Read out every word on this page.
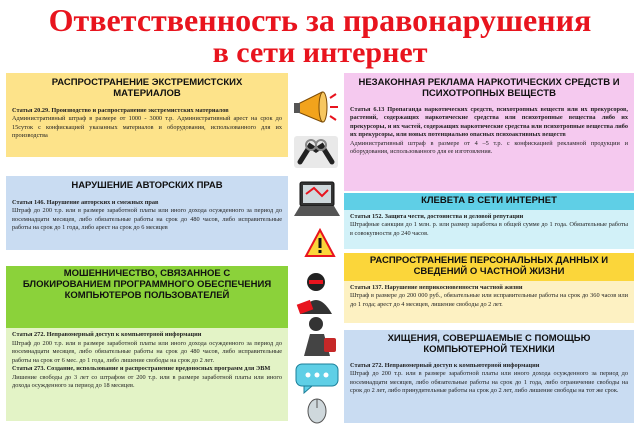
Ответственность за правонарушения
в сети интернет
РАСПРОСТРАНЕНИЕ ЭКСТРЕМИСТСКИХ МАТЕРИАЛОВ
Статья 20.29. Производство и распространение экстремистских материалов
Административный штраф в размере от 1000 - 3000 т.р. Административный арест на срок до 15суток с конфискацией указанных материалов и оборудования, использованного для их производства
НАРУШЕНИЕ АВТОРСКИХ ПРАВ
Статья 146. Нарушение авторских и смежных прав
Штраф до 200 т.р. или в размере заработной платы или иного дохода осужденного за период до восемнадцати месяцев, либо обязательные работы на срок до 480 часов, либо исправительные работы на срок до 1 года, либо арест на срок до 6 месяцев
МОШЕННИЧЕСТВО, СВЯЗАННОЕ С БЛОКИРОВАНИЕМ ПРОГРАММНОГО ОБЕСПЕЧЕНИЯ КОМПЬЮТЕРОВ ПОЛЬЗОВАТЕЛЕЙ
Статья 272. Неправомерный доступ к компьютерной информации
Штраф до 200 т.р. или в размере заработной платы или иного дохода осужденного за период до восемнадцати месяцев, либо обязательные работы на срок до 480 часов, либо исправительные работы на срок от 6 мес. до 1 года, либо лишение свободы на срок до 2 лет.
Статья 273. Создание, использование и распространение вредоносных программ для ЭВМ
Лишение свободы до 3 лет со штрафом от 200 т.р. или в размере заработной платы или иного дохода осужденного за период до 18 месяцев.
НЕЗАКОННАЯ РЕКЛАМА НАРКОТИЧЕСКИХ СРЕДСТВ И ПСИХОТРОПНЫХ ВЕЩЕСТВ
Статья 6.13 Пропаганда наркотических средств, психотропных веществ или их прекурсоров, растений, содержащих наркотические средства или психотропные вещества либо их прекурсоры, и их частей, содержащих наркотические средства или психотропные вещества либо их прекурсоры, или новых потенциально опасных психоактивных веществ
Административный штраф в размере от 4 –5 т.р. с конфискацией рекламной продукции и оборудования, использованного для ее изготовления.
КЛЕВЕТА В СЕТИ ИНТЕРНЕТ
Статья 152. Защита чести, достоинства и деловой репутации
Штрафные санкции до 1 млн. р. или размер заработка в общей сумме до 1 года. Обязательные работы в совокупности до 240 часов.
РАСПРОСТРАНЕНИЕ ПЕРСОНАЛЬНЫХ ДАННЫХ И СВЕДЕНИЙ О ЧАСТНОЙ ЖИЗНИ
Статья 137. Нарушение неприкосновенности частной жизни
Штраф в размере до 200 000 руб., обязательные или исправительные работы на срок до 360 часов или до 1 года; арест до 4 месяцев, лишение свободы до 2 лет.
ХИЩЕНИЯ, СОВЕРШАЕМЫЕ С ПОМОЩЬЮ КОМПЬЮТЕРНОЙ ТЕХНИКИ
Статья 272. Неправомерный доступ к компьютерной информации
Штраф до 200 т.р. или в размере заработной платы или иного дохода осужденного за период до восемнадцати месяцев, либо обязательные работы на срок до 1 года, либо ограничение свободы на срок до 2 лет, либо принудительные работы на срок до 2 лет, либо лишение свободы на тот же срок.
